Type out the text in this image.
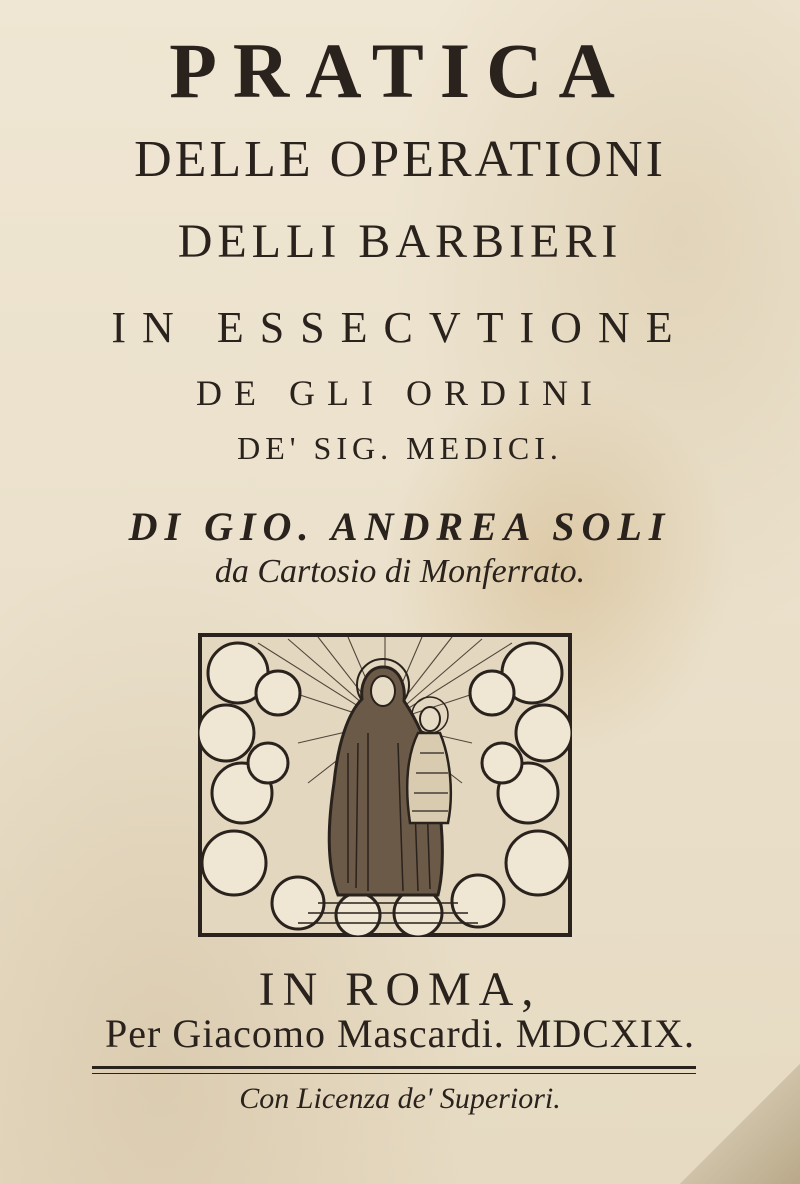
PRATICA
DELLE OPERATIONI
DELLI BARBIERI
IN ESSECVTIONE
DE GLI ORDINI
DE' SIG. MEDICI.
DI GIO. ANDREA SOLI
da Cartosio di Monferrato.
IN ROMA,
Per Giacomo Mascardi. MDCXIX.
Con Licenza de' Superiori.
